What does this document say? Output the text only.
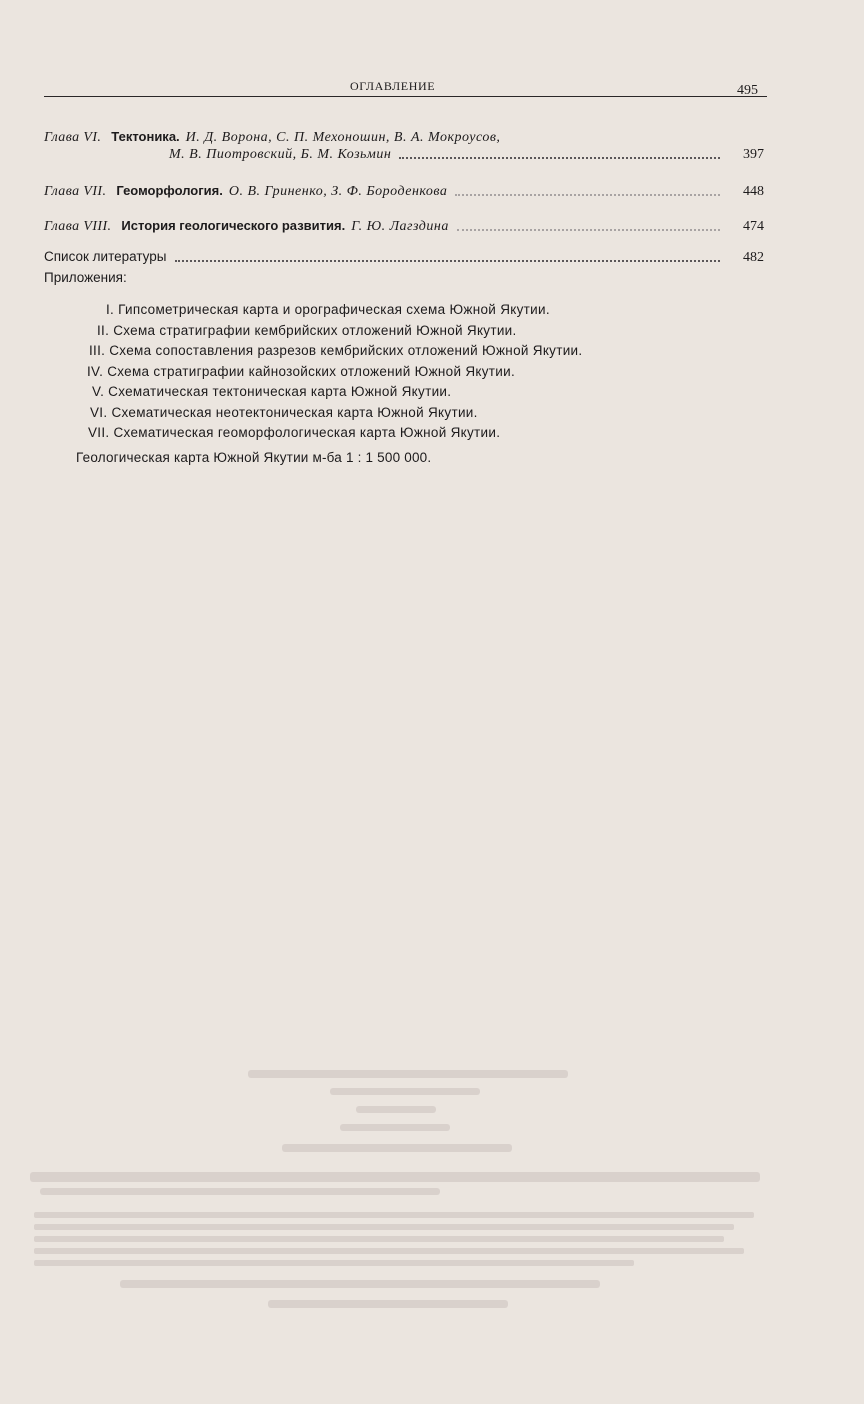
ОГЛАВЛЕНИЕ	495
Глава VI. Тектоника. И. Д. Ворона, С. П. Мехоношин, В. А. Мокроусов,
М. В. Пиотровский, Б. М. Козьмин	397
Глава VII. Геоморфология. О. В. Гриненко, З. Ф. Бороденкова	448
Глава VIII. История геологического развития. Г. Ю. Лагздина	474
Список литературы	482
Приложения:
I. Гипсометрическая карта и орографическая схема Южной Якутии.
II. Схема стратиграфии кембрийских отложений Южной Якутии.
III. Схема сопоставления разрезов кембрийских отложений Южной Якутии.
IV. Схема стратиграфии кайнозойских отложений Южной Якутии.
V. Схематическая тектоническая карта Южной Якутии.
VI. Схематическая неотектоническая карта Южной Якутии.
VII. Схематическая геоморфологическая карта Южной Якутии.
Геологическая карта Южной Якутии м-ба 1 : 1 500 000.
